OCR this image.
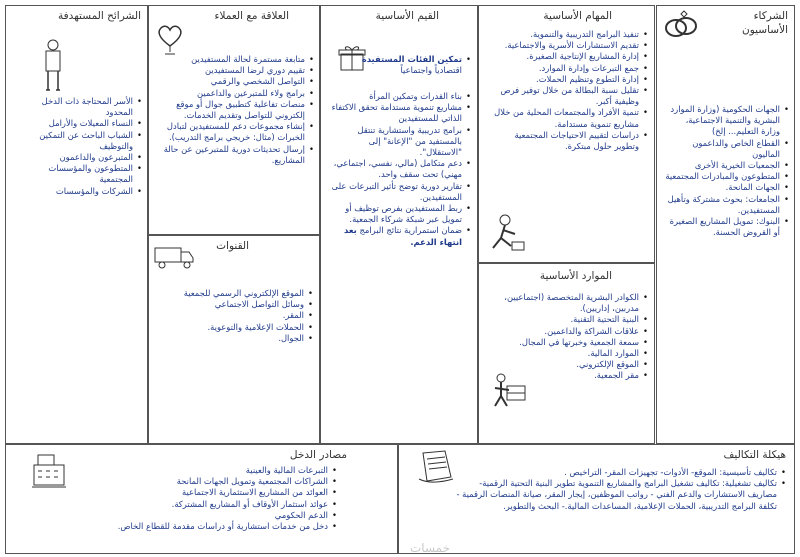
الشركاء
الأساسيون
• الجهات الحكومية (وزارة الموارد البشرية والتنمية الاجتماعية، وزارة التعليم... إلخ)
• القطاع الخاص والداعمون الماليون
• الجمعيات الخيرية الأخرى
• المتطوعون والمبادرات المجتمعية
• الجهات المانحة.
• الجامعات: بحوث مشتركة وتأهيل المستفيدين.
• البنوك: تمويل المشاريع الصغيرة أو القروض الحسنة.
المهام الأساسية
• تنفيذ البرامج التدريبية والتنموية.
• تقديم الاستشارات الأسرية والاجتماعية.
• إدارة المشاريع الإنتاجية الصغيرة.
• جمع التبرعات وإدارة الموارد.
• إدارة التطوع وتنظيم الحملات.
• تقليل نسبة البطالة من خلال توفير فرص وظيفية أكبر.
• تنمية الأفراد والمجتمعات المحلية من خلال مشاريع تنموية مستدامة.
• دراسات لتقييم الاحتياجات المجتمعية وتطوير حلول مبتكرة.
الموارد الأساسية
• الكوادر البشرية المتخصصة (اجتماعيين، مدربين، إداريين).
• البنية التحتية التقنية.
• علاقات الشراكة والداعمين.
• سمعة الجمعية وخبرتها في المجال.
• الموارد المالية.
• الموقع الإلكتروني.
• مقر الجمعية.
القيم الأساسية
• تمكين الفئات المستفيدة
اقتصادياً واجتماعياً
• بناء القدرات وتمكين المرأة
• مشاريع تنموية مستدامة تحقق الاكتفاء الذاتي للمستفيدين
• برامج تدريبية واستشارية تنتقل بالمستفيد من "الإعانة" إلى "الاستقلال".
• دعم متكامل (مالي، نفسي، اجتماعي، مهني) تحت سقف واحد.
• تقارير دورية توضح تأثير التبرعات على المستفيدين.
• ربط المستفيدين بفرص توظيف أو تمويل عبر شبكة شركاء الجمعية.
• ضمان استمرارية نتائج البرامج بعد انتهاء الدعم.
العلاقة مع العملاء
• متابعة مستمرة لحالة المستفيدين
• تقييم دوري لرضا المستفيدين
• التواصل الشخصي والرقمي
• برامج ولاء للمتبرعين والداعمين
• منصات تفاعلية كتطبيق جوال أو موقع إلكتروني للتواصل وتقديم الخدمات.
• إنشاء مجموعات دعم للمستفيدين لتبادل الخبرات (مثال: خريجي برامج التدريب).
• إرسال تحديثات دورية للمتبرعين عن حالة المشاريع.
القنوات
• الموقع الإلكتروني الرسمي للجمعية
• وسائل التواصل الاجتماعي
• المقر.
• الحملات الإعلامية والتوعوية.
• الجوال.
الشرائح المستهدفة
• الأسر المحتاجة ذات الدخل المحدود
• النساء المعيلات والأرامل
• الشباب الباحث عن التمكين والتوظيف
• المتبرعون والداعمون
• المتطوعون والمؤسسات المجتمعية
• الشركات والمؤسسات
هيكلة التكاليف
• تكاليف تأسيسية: الموقع- الأدوات- تجهيزات المقر- التراخيص .
• تكاليف تشغيلية: تكاليف تشغيل البرامج والمشاريع التنموية تطوير البنية التحتية الرقمية- مصاريف الاستشارات والدعم الفني - رواتب الموظفين، إيجار المقر، صيانة المنصات الرقمية - تكلفة البرامج التدريبية، الحملات الإعلامية، المساعدات المالية.- البحث والتطوير.
مصادر الدخل
• التبرعات المالية والعينية
• الشراكات المجتمعية وتمويل الجهات المانحة
• العوائد من المشاريع الاستثمارية الاجتماعية
• عوائد استثمار الأوقاف أو المشاريع المشتركة.
• الدعم الحكومي
• دخل من خدمات استشارية أو دراسات مقدمة للقطاع الخاص.
خمسات
